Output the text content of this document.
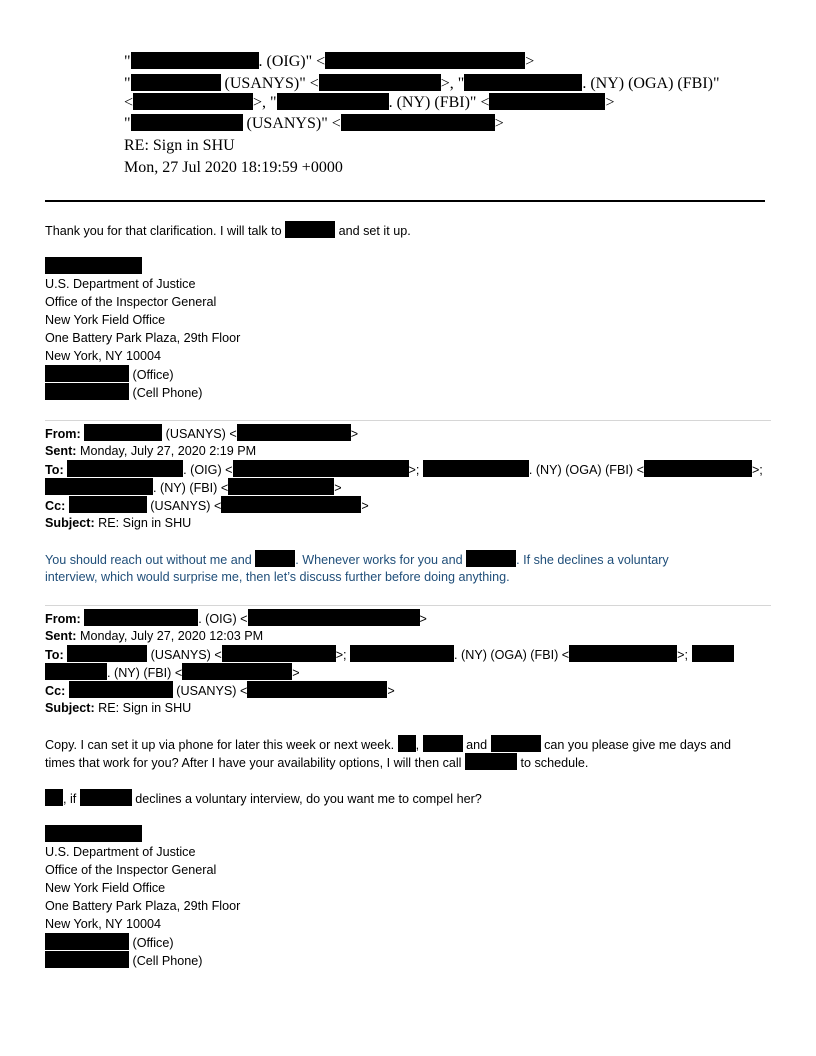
"	. (OIG)" <	>
"	(USANYS)" <	>, "	. (NY) (OGA) (FBI)"
<	>, "	. (NY) (FBI)" <	>
"	(USANYS)" <	>
RE: Sign in SHU
Mon, 27 Jul 2020 18:19:59 +0000
Thank you for that clarification. I will talk to	and set it up.
U.S. Department of Justice
Office of the Inspector General
New York Field Office
One Battery Park Plaza, 29th Floor
New York, NY 10004
(Office)
(Cell Phone)
From:	(USANYS) <	>
Sent: Monday, July 27, 2020 2:19 PM
To:	. (OIG) <	>;	. (NY) (OGA) (FBI) <	>;
. (NY) (FBI) <	>
Cc:	(USANYS) <	>
Subject: RE: Sign in SHU
You should reach out without me and	. Whenever works for you and	. If she declines a voluntary
interview, which would surprise me, then let’s discuss further before doing anything.
From:	. (OIG) <	>
Sent: Monday, July 27, 2020 12:03 PM
To:	(USANYS) <	>;	. (NY) (OGA) (FBI) <	>;
. (NY) (FBI) <	>
Cc:	(USANYS) <	>
Subject: RE: Sign in SHU
Copy. I can set it up via phone for later this week or next week. ,	and	can you please give me days and
times that work for you? After I have your availability options, I will then call	to schedule.
, if	declines a voluntary interview, do you want me to compel her?
U.S. Department of Justice
Office of the Inspector General
New York Field Office
One Battery Park Plaza, 29th Floor
New York, NY 10004
(Office)
(Cell Phone)
